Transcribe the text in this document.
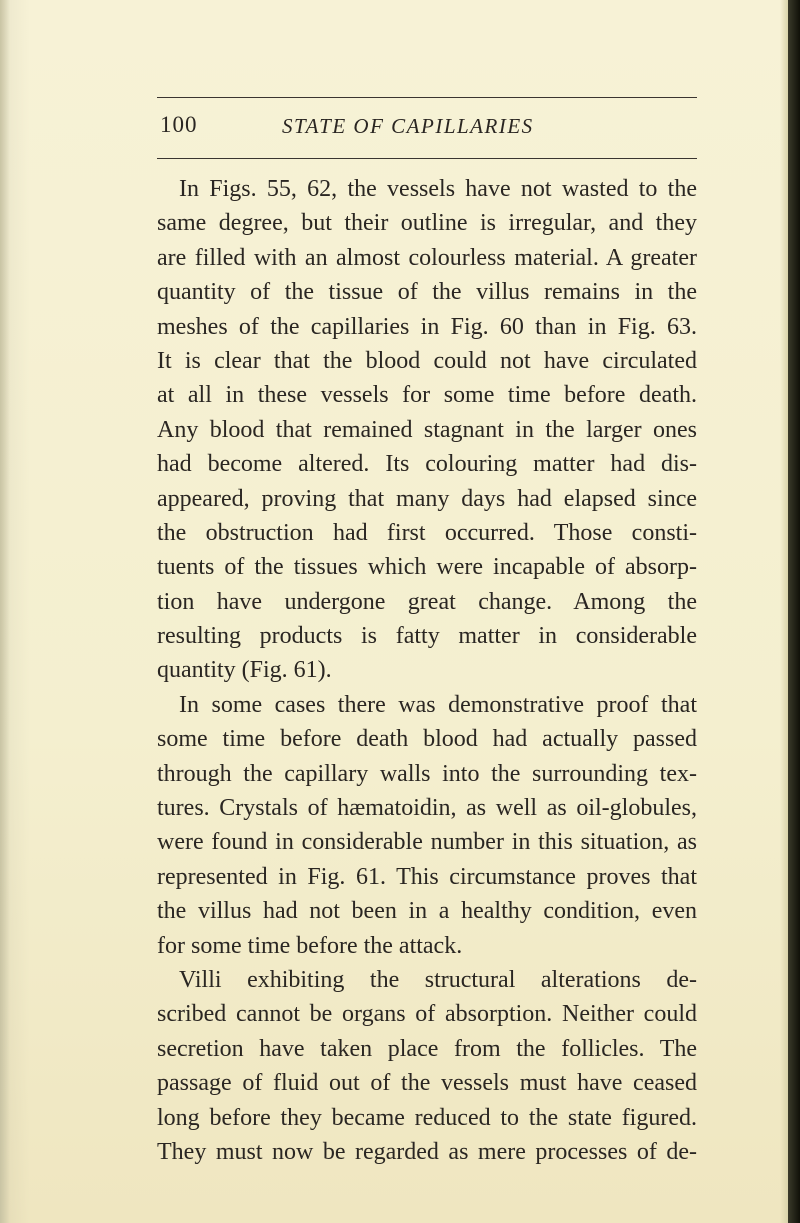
100	STATE OF CAPILLARIES
In Figs. 55, 62, the vessels have not wasted to the
same degree, but their outline is irregular, and they
are filled with an almost colourless material. A greater
quantity of the tissue of the villus remains in the
meshes of the capillaries in Fig. 60 than in Fig. 63.
It is clear that the blood could not have circulated
at all in these vessels for some time before death.
Any blood that remained stagnant in the larger ones
had become altered. Its colouring matter had dis-
appeared, proving that many days had elapsed since
the obstruction had first occurred. Those consti-
tuents of the tissues which were incapable of absorp-
tion have undergone great change. Among the
resulting products is fatty matter in considerable
quantity (Fig. 61).
In some cases there was demonstrative proof that
some time before death blood had actually passed
through the capillary walls into the surrounding tex-
tures. Crystals of hæmatoidin, as well as oil-globules,
were found in considerable number in this situation, as
represented in Fig. 61. This circumstance proves that
the villus had not been in a healthy condition, even
for some time before the attack.
Villi exhibiting the structural alterations de-
scribed cannot be organs of absorption. Neither could
secretion have taken place from the follicles. The
passage of fluid out of the vessels must have ceased
long before they became reduced to the state figured.
They must now be regarded as mere processes of de-
